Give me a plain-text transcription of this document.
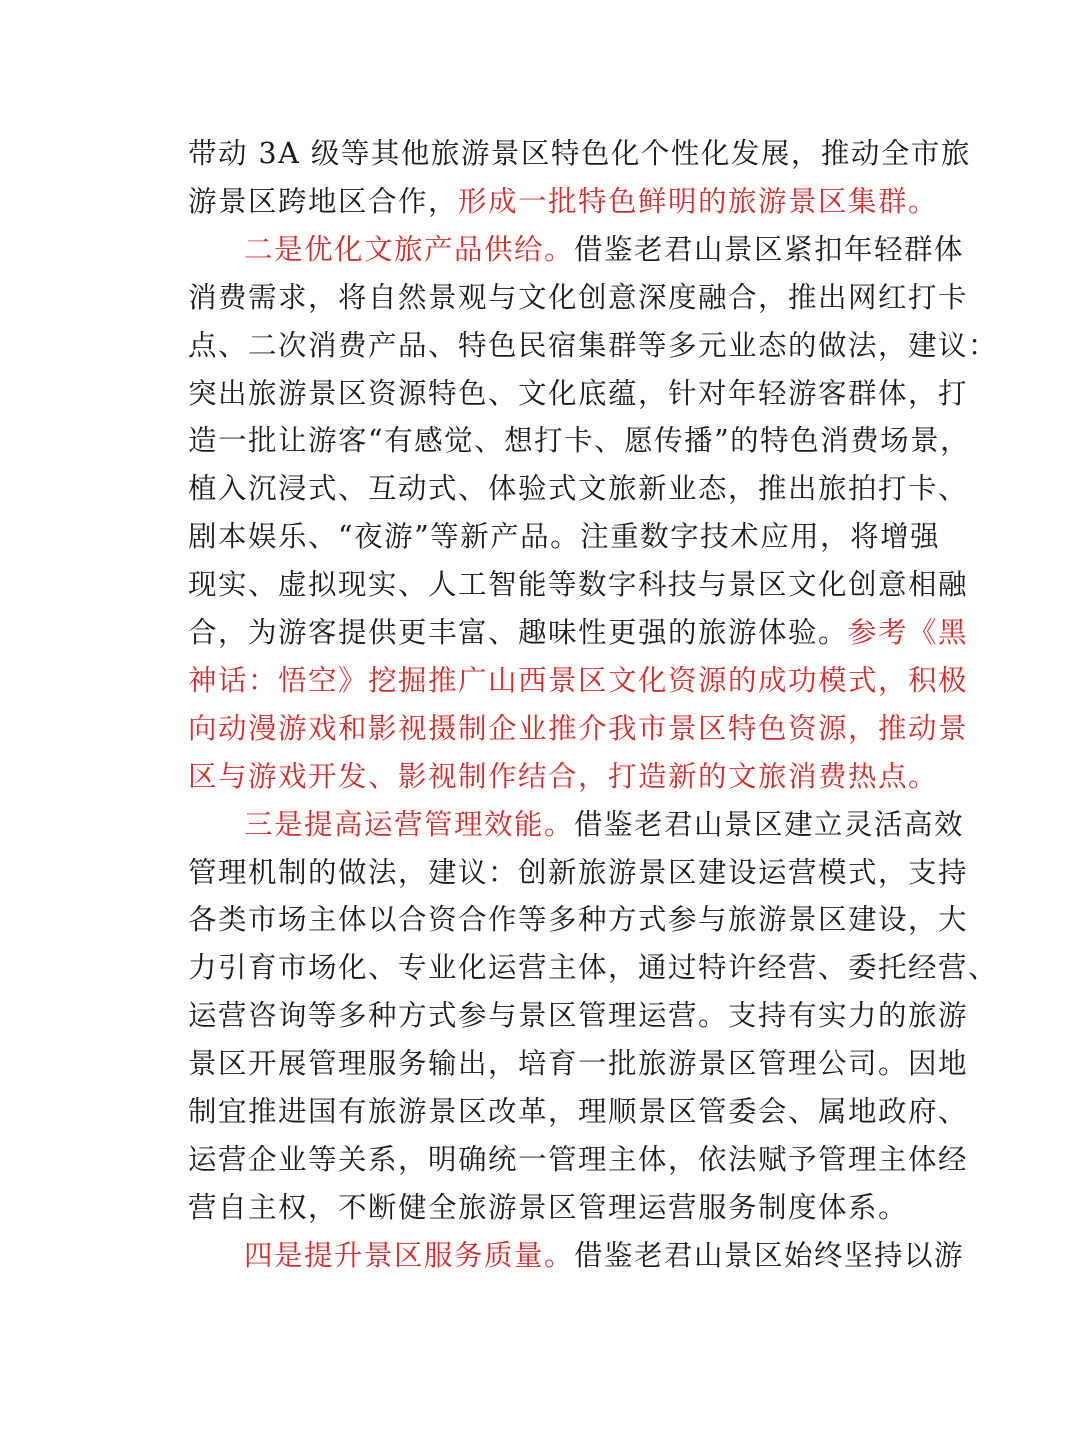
带动 3A 级等其他旅游景区特色化个性化发展，推动全市旅
游景区跨地区合作，形成一批特色鲜明的旅游景区集群。
二是优化文旅产品供给。借鉴老君山景区紧扣年轻群体
消费需求，将自然景观与文化创意深度融合，推出网红打卡
点、二次消费产品、特色民宿集群等多元业态的做法，建议：
突出旅游景区资源特色、文化底蕴，针对年轻游客群体，打
造一批让游客“有感觉、想打卡、愿传播”的特色消费场景，
植入沉浸式、互动式、体验式文旅新业态，推出旅拍打卡、
剧本娱乐、“夜游”等新产品。注重数字技术应用，将增强
现实、虚拟现实、人工智能等数字科技与景区文化创意相融
合，为游客提供更丰富、趣味性更强的旅游体验。参考《黑
神话：悟空》挖掘推广山西景区文化资源的成功模式，积极
向动漫游戏和影视摄制企业推介我市景区特色资源，推动景
区与游戏开发、影视制作结合，打造新的文旅消费热点。
三是提高运营管理效能。借鉴老君山景区建立灵活高效
管理机制的做法，建议：创新旅游景区建设运营模式，支持
各类市场主体以合资合作等多种方式参与旅游景区建设，大
力引育市场化、专业化运营主体，通过特许经营、委托经营、
运营咨询等多种方式参与景区管理运营。支持有实力的旅游
景区开展管理服务输出，培育一批旅游景区管理公司。因地
制宜推进国有旅游景区改革，理顺景区管委会、属地政府、
运营企业等关系，明确统一管理主体，依法赋予管理主体经
营自主权，不断健全旅游景区管理运营服务制度体系。
四是提升景区服务质量。借鉴老君山景区始终坚持以游
